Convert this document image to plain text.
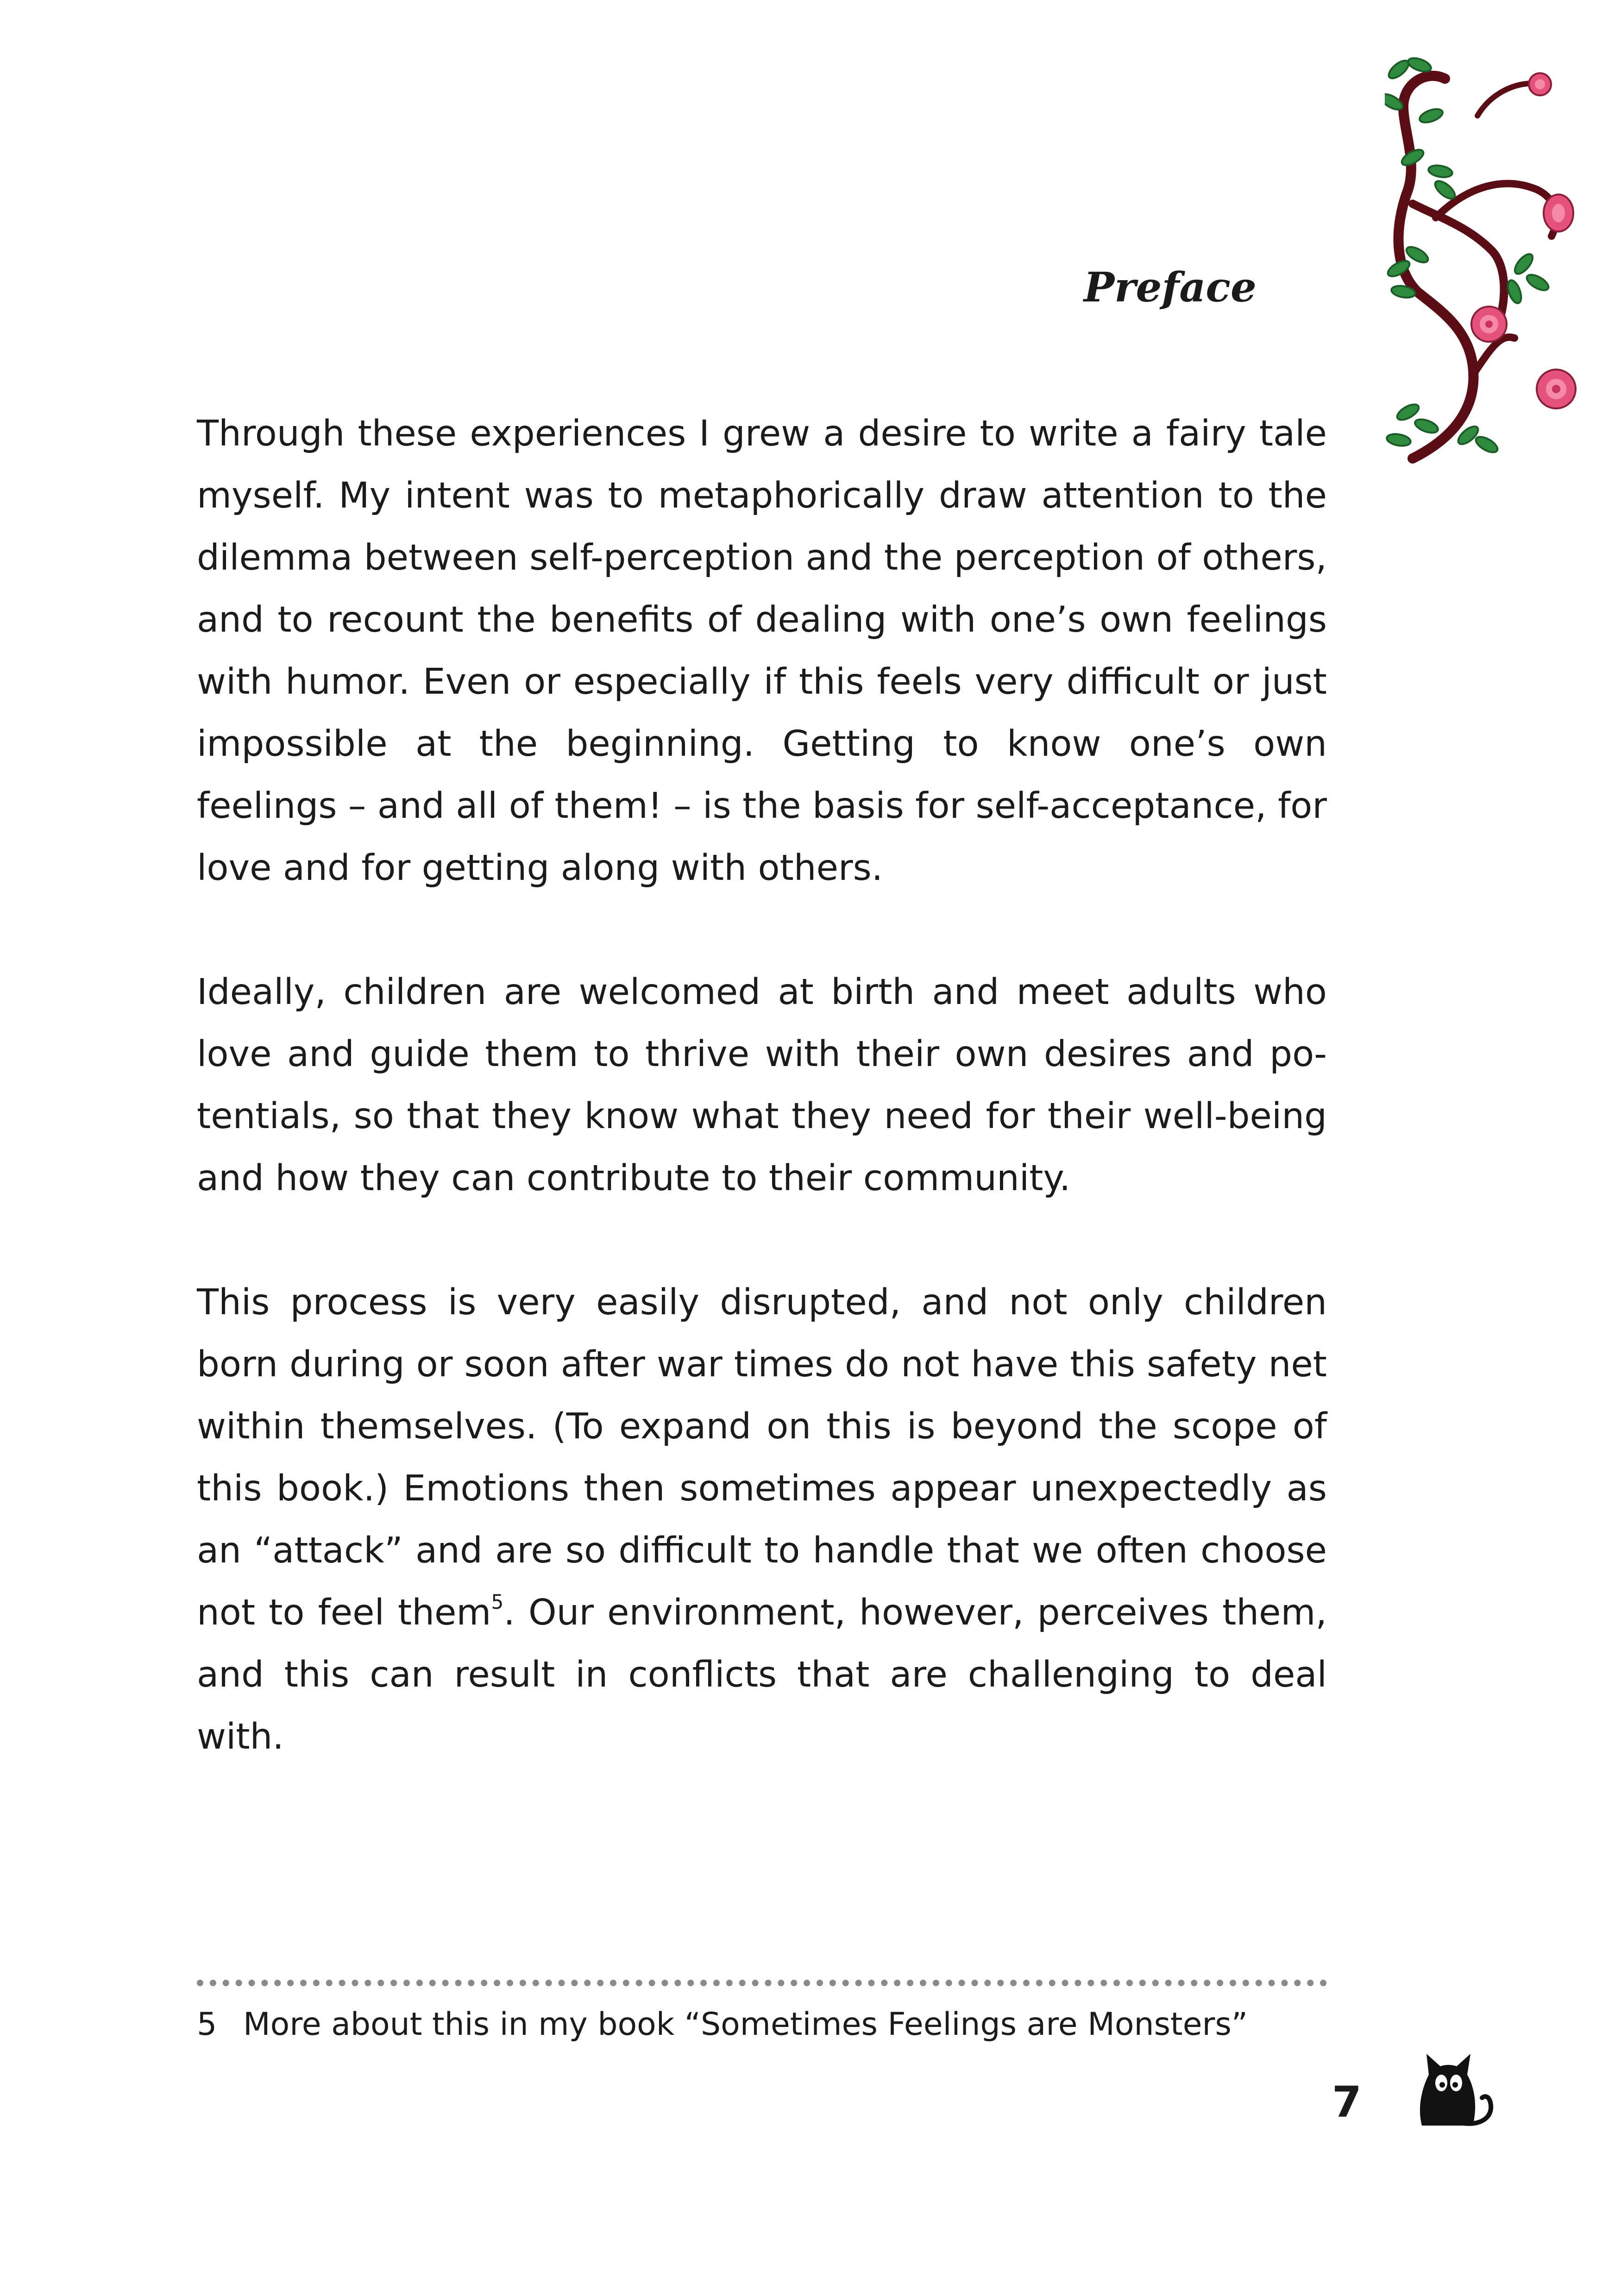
Preface

Through these experiences I grew a desire to write a fairy tale myself. My intent was to metaphorically draw attention to the dilemma between self-perception and the perception of others, and to recount the benefits of dealing with one’s own feelings with humor. Even or especially if this feels very difficult or just impossible at the beginning. Getting to know one’s own feelings – and all of them! – is the basis for self-acceptance, for love and for getting along with others.

Ideally, children are welcomed at birth and meet adults who love and guide them to thrive with their own desires and potentials, so that they know what they need for their well-being and how they can contribute to their community.

This process is very easily disrupted, and not only children born during or soon after war times do not have this safety net within themselves. (To expand on this is beyond the scope of this book.) Emotions then sometimes appear unexpectedly as an “attack” and are so difficult to handle that we often choose not to feel them$^5$. Our environment, however, perceives them, and this can result in conflicts that are challenging to deal with.

5 More about this in my book “Sometimes Feelings are Monsters”
7
